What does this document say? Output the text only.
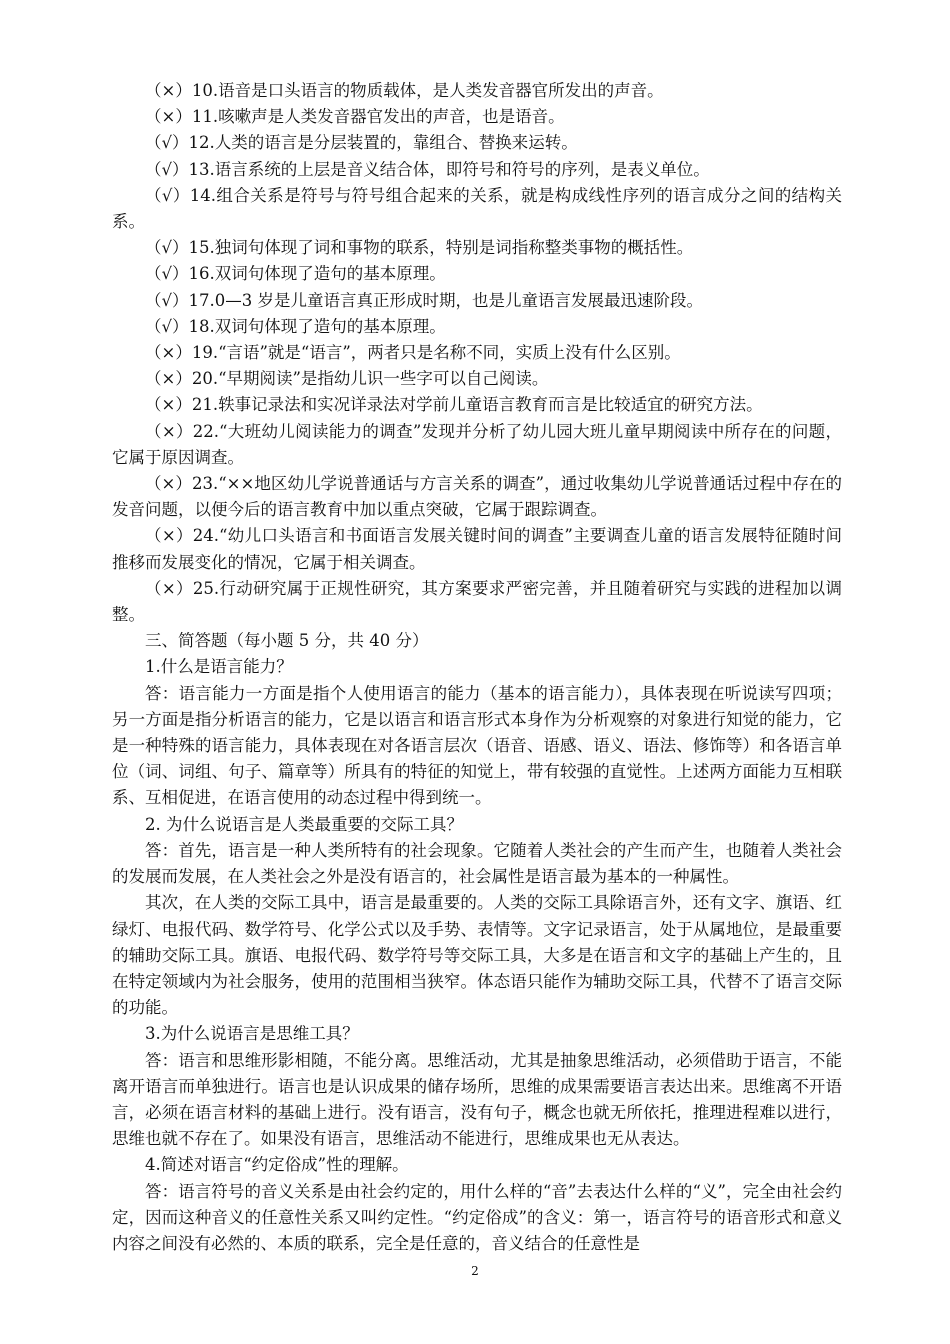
（×）10.语音是口头语言的物质载体，是人类发音器官所发出的声音。

（×）11.咳嗽声是人类发音器官发出的声音，也是语音。

（√）12.人类的语言是分层装置的，靠组合、替换来运转。

（√）13.语言系统的上层是音义结合体，即符号和符号的序列，是表义单位。

（√）14.组合关系是符号与符号组合起来的关系，就是构成线性序列的语言成分之间的结构关系。

（√）15.独词句体现了词和事物的联系，特别是词指称整类事物的概括性。

（√）16.双词句体现了造句的基本原理。

（√）17.0—3 岁是儿童语言真正形成时期，也是儿童语言发展最迅速阶段。

（√）18.双词句体现了造句的基本原理。

（×）19.“言语”就是“语言”，两者只是名称不同，实质上没有什么区别。

（×）20.“早期阅读”是指幼儿识一些字可以自己阅读。

（×）21.轶事记录法和实况详录法对学前儿童语言教育而言是比较适宜的研究方法。

（×）22.“大班幼儿阅读能力的调查”发现并分析了幼儿园大班儿童早期阅读中所存在的问题，它属于原因调查。

（×）23.“××地区幼儿学说普通话与方言关系的调查”，通过收集幼儿学说普通话过程中存在的发音问题，以便今后的语言教育中加以重点突破，它属于跟踪调查。

（×）24.“幼儿口头语言和书面语言发展关键时间的调查”主要调查儿童的语言发展特征随时间推移而发展变化的情况，它属于相关调查。

（×）25.行动研究属于正规性研究，其方案要求严密完善，并且随着研究与实践的进程加以调整。

三、简答题（每小题 5 分，共 40 分）

1.什么是语言能力？

答：语言能力一方面是指个人使用语言的能力（基本的语言能力），具体表现在听说读写四项；另一方面是指分析语言的能力，它是以语言和语言形式本身作为分析观察的对象进行知觉的能力，它是一种特殊的语言能力，具体表现在对各语言层次（语音、语感、语义、语法、修饰等）和各语言单位（词、词组、句子、篇章等）所具有的特征的知觉上，带有较强的直觉性。上述两方面能力互相联系、互相促进，在语言使用的动态过程中得到统一。

2. 为什么说语言是人类最重要的交际工具？

答：首先，语言是一种人类所特有的社会现象。它随着人类社会的产生而产生，也随着人类社会的发展而发展，在人类社会之外是没有语言的，社会属性是语言最为基本的一种属性。

其次，在人类的交际工具中，语言是最重要的。人类的交际工具除语言外，还有文字、旗语、红绿灯、电报代码、数学符号、化学公式以及手势、表情等。文字记录语言，处于从属地位，是最重要的辅助交际工具。旗语、电报代码、数学符号等交际工具，大多是在语言和文字的基础上产生的，且在特定领域内为社会服务，使用的范围相当狭窄。体态语只能作为辅助交际工具，代替不了语言交际的功能。

3.为什么说语言是思维工具？

答：语言和思维形影相随，不能分离。思维活动，尤其是抽象思维活动，必须借助于语言，不能离开语言而单独进行。语言也是认识成果的储存场所，思维的成果需要语言表达出来。思维离不开语言，必须在语言材料的基础上进行。没有语言，没有句子，概念也就无所依托，推理进程难以进行，思维也就不存在了。如果没有语言，思维活动不能进行，思维成果也无从表达。

4.简述对语言“约定俗成”性的理解。

答：语言符号的音义关系是由社会约定的，用什么样的“音”去表达什么样的“义”，完全由社会约定，因而这种音义的任意性关系又叫约定性。“约定俗成”的含义：第一，语言符号的语音形式和意义内容之间没有必然的、本质的联系，完全是任意的，音义结合的任意性是

2
